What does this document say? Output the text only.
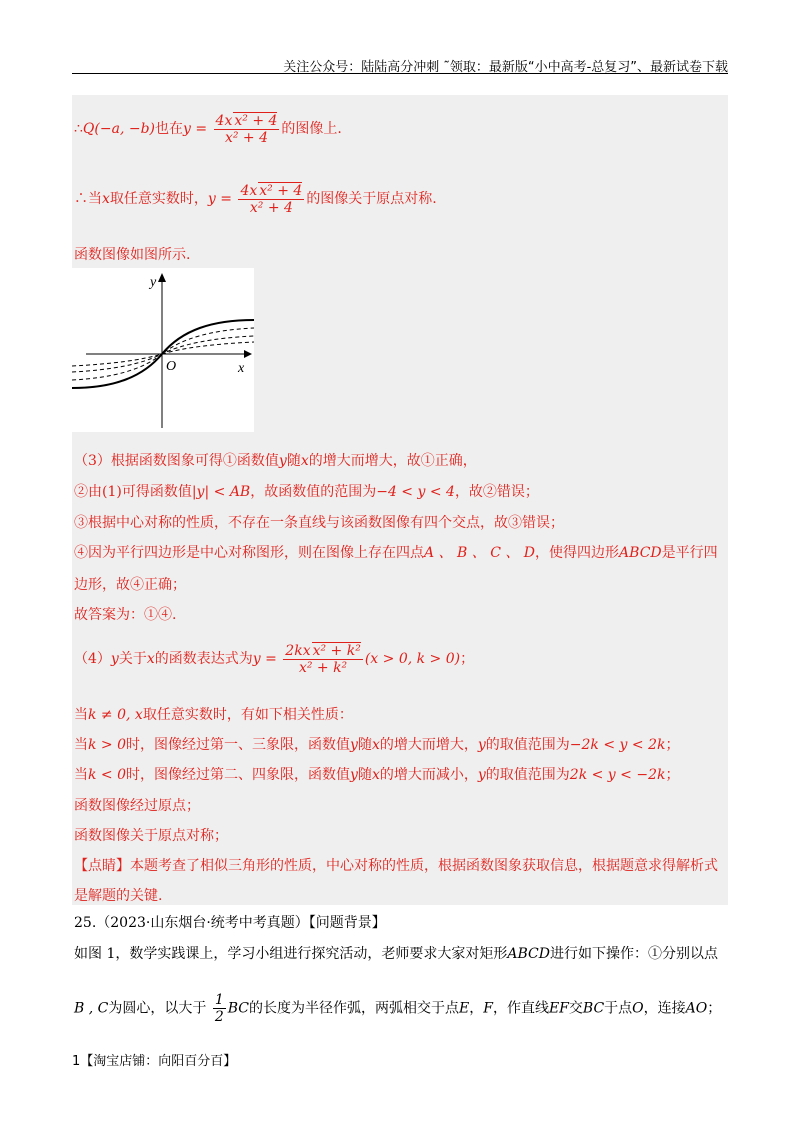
关注公众号：陆陆高分冲刺 ˜领取：最新版“小中高考-总复习”、最新试卷下载
∴Q(−a, −b)也在$y = \frac{\text{4x x² + 4}}{\text{x² + 4}}$ 的图像上.
∴当x取任意实数时，$y = \frac{\text{4x x² + 4}}{\text{x² + 4}}$ 的图像关于原点对称.
函数图像如图所示.
y
x
O
（3）根据函数图象可得①函数值y随x的增大而增大，故①正确，
②由(1)可得函数值|y| < AB，故函数值的范围为−4 < y < 4，故②错误；
③根据中心对称的性质，不存在一条直线与该函数图像有四个交点，故③错误；
④因为平行四边形是中心对称图形，则在图像上存在四点A 、 B 、 C 、 D，使得四边形ABCD是平行四
边形，故④正确；
故答案为：①④.
（4）y关于x的函数表达式为$y = \frac{\text{2kx x² + k²}}{\text{x² + k²}} (x > 0$, k > 0)；
当k ≠ 0, x取任意实数时，有如下相关性质：
当k > 0时，图像经过第一、三象限，函数值y随x的增大而增大，y的取值范围为−2k < y < 2k；
当k < 0时，图像经过第二、四象限，函数值y随x的增大而减小，y的取值范围为2k < y < −2k；
函数图像经过原点；
函数图像关于原点对称；
【点睛】本题考查了相似三角形的性质，中心对称的性质，根据函数图象获取信息，根据题意求得解析式
是解题的关键.
25.（2023·山东烟台·统考中考真题）【问题背景】
如图 1，数学实践课上，学习小组进行探究活动，老师要求大家对矩形ABCD进行如下操作：①分别以点
B , C为圆心，以大于 $\frac{1}{2}$ BC的长度为半径作弧，两弧相交于点E，F，作直线EF交BC于点O，连接AO；
1【淘宝店铺：向阳百分百】
